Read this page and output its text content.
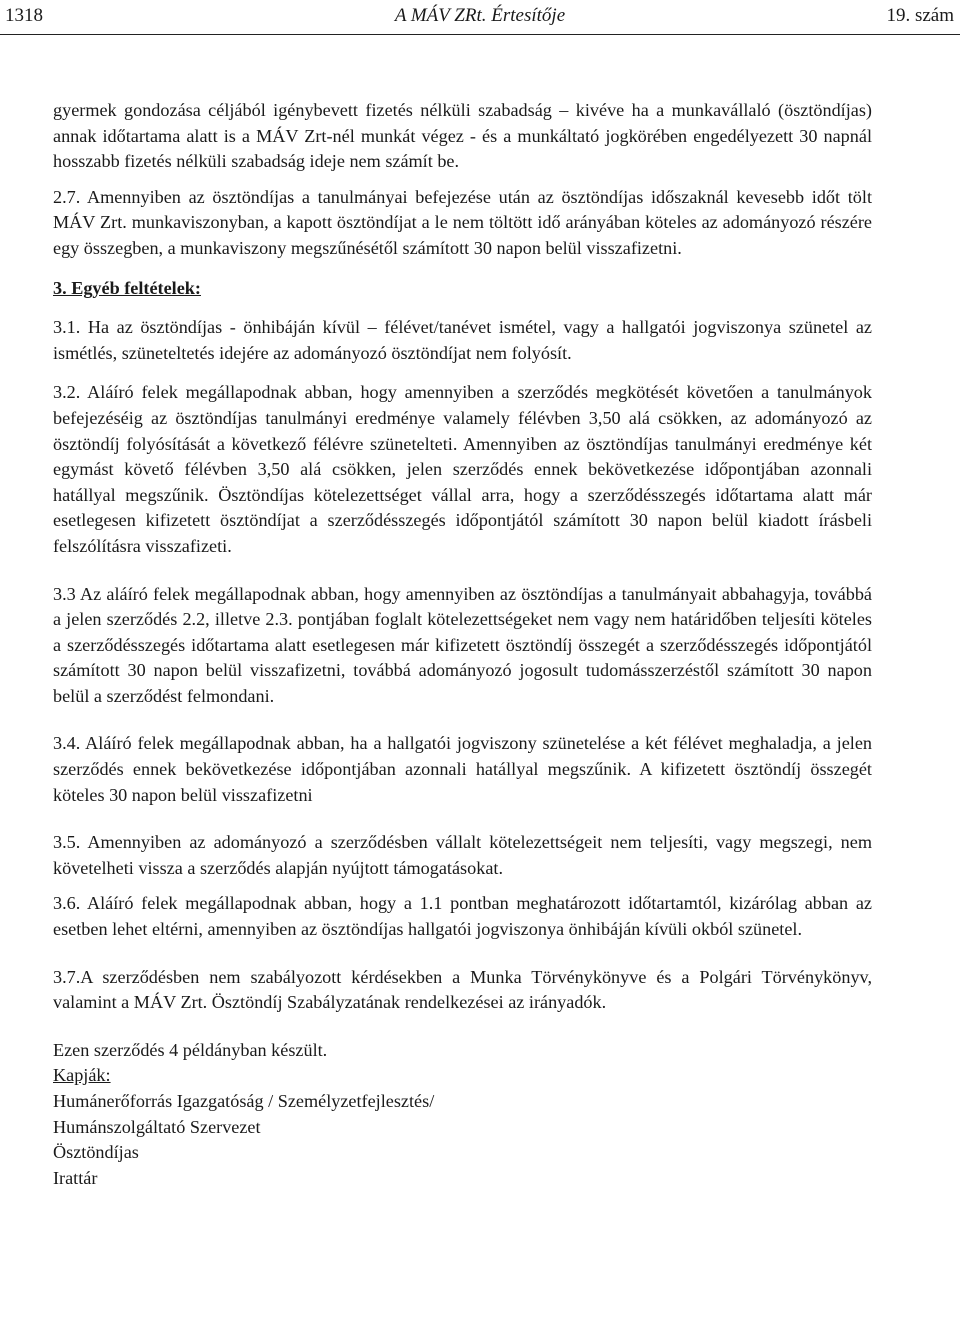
1318	A MÁV ZRt. Értesítője	19. szám

gyermek gondozása céljából igénybevett fizetés nélküli szabadság – kivéve ha a munkavállaló (ösztöndíjas) annak időtartama alatt is a MÁV Zrt-nél munkát végez - és a munkáltató jogkörében engedélyezett 30 napnál hosszabb fizetés nélküli szabadság ideje nem számít be.

2.7. Amennyiben az ösztöndíjas a tanulmányai befejezése után az ösztöndíjas időszaknál kevesebb időt tölt MÁV Zrt. munkaviszonyban, a kapott ösztöndíjat a le nem töltött idő arányában köteles az adományozó részére egy összegben, a munkaviszony megszűnésétől számított 30 napon belül visszafizetni.

3. Egyéb feltételek:

3.1. Ha az ösztöndíjas - önhibáján kívül – félévet/tanévet ismétel, vagy a hallgatói jogviszonya szünetel az ismétlés, szüneteltetés idejére az adományozó ösztöndíjat nem folyósít.

3.2. Aláíró felek megállapodnak abban, hogy amennyiben a szerződés megkötését követően a tanulmányok befejezéséig az ösztöndíjas tanulmányi eredménye valamely félévben 3,50 alá csökken, az adományozó az ösztöndíj folyósítását a következő félévre szünetelteti. Amennyiben az ösztöndíjas tanulmányi eredménye két egymást követő félévben 3,50 alá csökken, jelen szerződés ennek bekövetkezése időpontjában azonnali hatállyal megszűnik. Ösztöndíjas kötelezettséget vállal arra, hogy a szerződésszegés időtartama alatt már esetlegesen kifizetett ösztöndíjat a szerződésszegés időpontjától számított 30 napon belül kiadott írásbeli felszólításra visszafizeti.

3.3 Az aláíró felek megállapodnak abban, hogy amennyiben az ösztöndíjas a tanulmányait abbahagyja, továbbá a jelen szerződés 2.2, illetve 2.3. pontjában foglalt kötelezettségeket nem vagy nem határidőben teljesíti köteles a szerződésszegés időtartama alatt esetlegesen már kifizetett ösztöndíj összegét a szerződésszegés időpontjától számított 30 napon belül visszafizetni, továbbá adományozó jogosult tudomásszerzéstől számított 30 napon belül a szerződést felmondani.

3.4. Aláíró felek megállapodnak abban, ha a hallgatói jogviszony szünetelése a két félévet meghaladja, a jelen szerződés ennek bekövetkezése időpontjában azonnali hatállyal megszűnik. A kifizetett ösztöndíj összegét köteles 30 napon belül visszafizetni

3.5. Amennyiben az adományozó a szerződésben vállalt kötelezettségeit nem teljesíti, vagy megszegi, nem követelheti vissza a szerződés alapján nyújtott támogatásokat.

3.6. Aláíró felek megállapodnak abban, hogy a 1.1 pontban meghatározott időtartamtól, kizárólag abban az esetben lehet eltérni, amennyiben az ösztöndíjas hallgatói jogviszonya önhibáján kívüli okból szünetel.

3.7.A szerződésben nem szabályozott kérdésekben a Munka Törvénykönyve és a Polgári Törvénykönyv, valamint a MÁV Zrt. Ösztöndíj Szabályzatának rendelkezései az irányadók.

Ezen szerződés 4 példányban készült.

Kapják:

Humánerőforrás Igazgatóság / Személyzetfejlesztés/

Humánszolgáltató Szervezet

Ösztöndíjas

Irattár
